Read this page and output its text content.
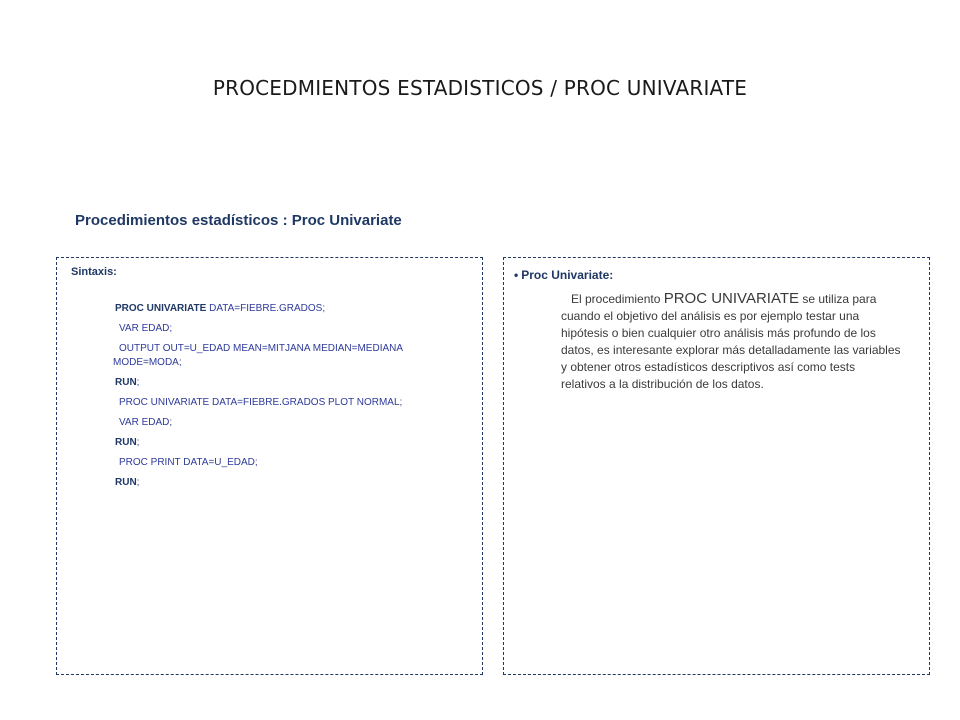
PROCEDMIENTOS ESTADISTICOS / PROC UNIVARIATE
Procedimientos estadísticos : Proc Univariate
Sintaxis:
PROC UNIVARIATE DATA=FIEBRE.GRADOS;
VAR EDAD;
OUTPUT OUT=U_EDAD MEAN=MITJANA MEDIAN=MEDIANA
MODE=MODA;
RUN;
PROC UNIVARIATE DATA=FIEBRE.GRADOS PLOT NORMAL;
VAR EDAD;
RUN;
PROC PRINT DATA=U_EDAD;
RUN;
• Proc Univariate:
El procedimiento PROC UNIVARIATE se utiliza para cuando el objetivo del análisis es por ejemplo testar una hipótesis o bien cualquier otro análisis más profundo de los datos, es interesante explorar más detalladamente las variables y obtener otros estadísticos descriptivos así como tests relativos a la distribución de los datos.
